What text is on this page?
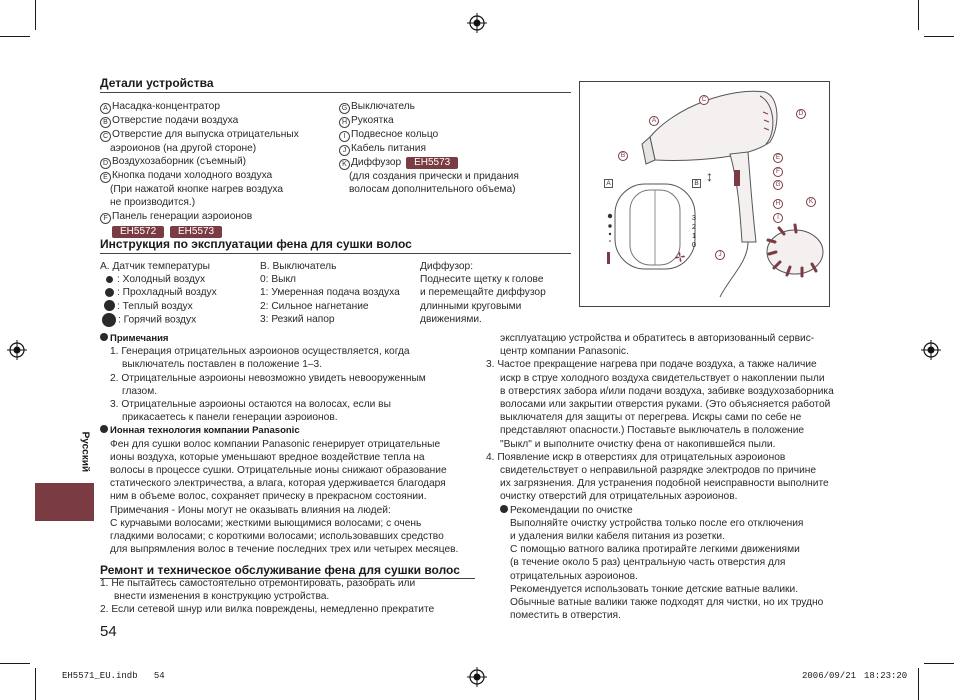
Русский
Детали устройства
A Насадка-концентратор
B Отверстие подачи воздуха
C Отверстие для выпуска отрицательных
аэроионов (на другой стороне)
D Воздухозаборник (съемный)
E Кнопка подачи холодного воздуха
(При нажатой кнопке нагрев воздуха
не производится.)
F Панель генерации аэроионов
EH5572 EH5573
G Выключатель
H Рукоятка
I Подвесное кольцо
J Кабель питания
K Диффузор EH5573
(для создания прически и придания
волосам дополнительного объема)
Инструкция по эксплуатации фена для сушки волос
A. Датчик температуры
: Холодный воздух
: Прохладный воздух
: Теплый воздух
: Горячий воздух
B. Выключатель
0: Выкл
1: Умеренная подача воздуха
2: Сильное нагнетание
3: Резкий напор
Диффузор:
Поднесите щетку к голове
и перемещайте диффузор
длинными круговыми
движениями.
Примечания
1. Генерация отрицательных аэроионов осуществляется, когда
выключатель поставлен в положение 1–3.
2. Отрицательные аэроионы невозможно увидеть невооруженным
глазом.
3. Отрицательные аэроионы остаются на волосах, если вы
прикасаетесь к панели генерации аэроионов.
Ионная технология компании Panasonic
Фен для сушки волос компании Panasonic генерирует отрицательные
ионы воздуха, которые уменьшают вредное воздействие тепла на
волосы в процессе сушки. Отрицательные ионы снижают образование
статического электричества, а влага, которая удерживается благодаря
ним в объеме волос, сохраняет прическу в прекрасном состоянии.
Примечания - Ионы могут не оказывать влияния на людей:
С курчавыми волосами; жесткими выющимися волосами; с очень
гладкими волосами; с короткими волосами; использовавших средство
для выпрямления волос в течение последних трех или четырех месяцев.
Ремонт и техническое обслуживание фена для сушки волос
1. Не пытайтесь самостоятельно отремонтировать, разобрать или
внести изменения в конструкцию устройства.
2. Если сетевой шнур или вилка повреждены, немедленно прекратите
эксплуатацию устройства и обратитесь в авторизованный сервис-
центр компании Panasonic.
3. Частое прекращение нагрева при подаче воздуха, а также наличие
искр в струе холодного воздуха свидетельствует о накоплении пыли
в отверстиях забора и/или подачи воздуха, забивке воздухозаборника
волосами или закрытии отверстия руками. (Это объясняется работой
выключателя для защиты от перегрева. Искры сами по себе не
представляют опасности.) Поставьте выключатель в положение
"Выкл" и выполните очистку фена от накопившейся пыли.
4. Появление искр в отверстиях для отрицательных аэроионов
свидетельствует о неправильной разрядке электродов по причине
их загрязнения. Для устранения подобной неисправности выполните
очистку отверстий для отрицательных аэроионов.
Рекомендации по очистке
Выполняйте очистку устройства только после его отключения
и удаления вилки кабеля питания из розетки.
С помощью ватного валика протирайте легкими движениями
(в течение около 5 раз) центральную часть отверстия для
отрицательных аэроионов.
Рекомендуется использовать тонкие детские ватные валики.
Обычные ватные валики также подходят для чистки, но их трудно
поместить в отверстия.
A	B
3
2
1
0
↕
A
B
C
D
E
F
G
H
I
J
K
54
EH5571_EU.indb   54	2006/09/21 18:23:20
